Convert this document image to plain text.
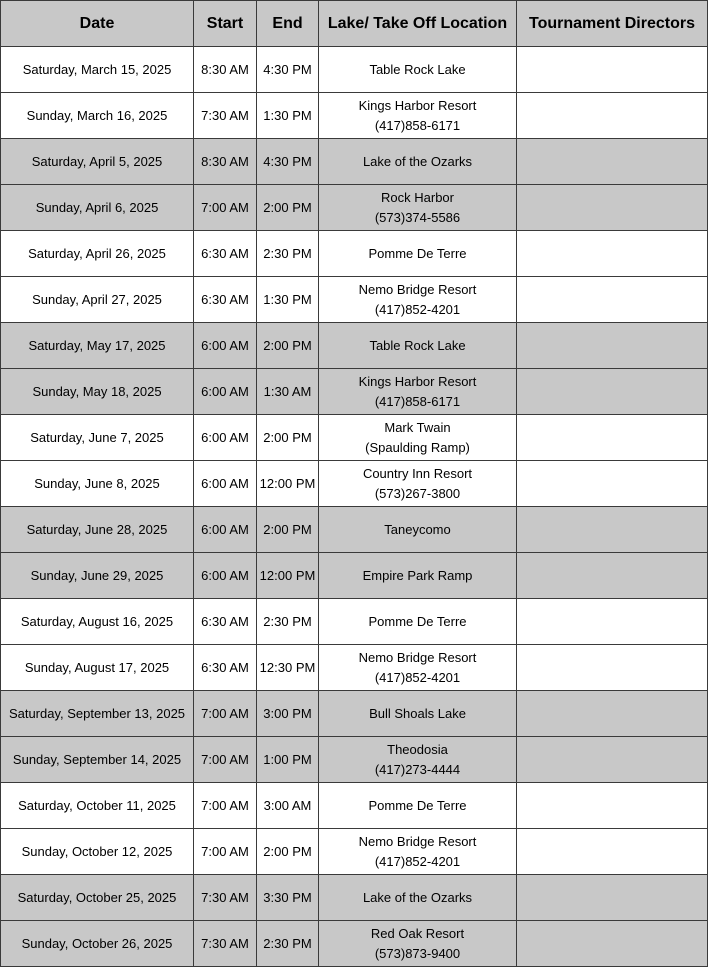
Date	Start	End	Lake/ Take Off Location	Tournament Directors
Saturday, March 15, 2025	8:30 AM	4:30 PM	Table Rock Lake	

Sunday, March 16, 2025	7:30 AM	1:30 PM	Kings Harbor Resort
(417)858-6171	

Saturday, April 5, 2025	8:30 AM	4:30 PM	Lake of the Ozarks	

Sunday, April 6, 2025	7:00 AM	2:00 PM	Rock Harbor
(573)374-5586	

Saturday, April 26, 2025	6:30 AM	2:30 PM	Pomme De Terre	

Sunday, April 27, 2025	6:30 AM	1:30 PM	Nemo Bridge Resort
(417)852-4201	

Saturday, May 17, 2025	6:00 AM	2:00 PM	Table Rock Lake	

Sunday, May 18, 2025	6:00 AM	1:30 AM	Kings Harbor Resort
(417)858-6171	

Saturday, June 7, 2025	6:00 AM	2:00 PM	Mark Twain
(Spaulding Ramp)	

Sunday, June 8, 2025	6:00 AM	12:00 PM	Country Inn Resort
(573)267-3800	

Saturday, June 28, 2025	6:00 AM	2:00 PM	Taneycomo	

Sunday, June 29, 2025	6:00 AM	12:00 PM	Empire Park Ramp	

Saturday, August 16, 2025	6:30 AM	2:30 PM	Pomme De Terre	

Sunday, August 17, 2025	6:30 AM	12:30 PM	Nemo Bridge Resort
(417)852-4201	

Saturday, September 13, 2025	7:00 AM	3:00 PM	Bull Shoals Lake	

Sunday, September 14, 2025	7:00 AM	1:00 PM	Theodosia
(417)273-4444	

Saturday, October 11, 2025	7:00 AM	3:00 AM	Pomme De Terre	

Sunday, October 12, 2025	7:00 AM	2:00 PM	Nemo Bridge Resort
(417)852-4201	

Saturday, October 25, 2025	7:30 AM	3:30 PM	Lake of the Ozarks	

Sunday, October 26, 2025	7:30 AM	2:30 PM	Red Oak Resort
(573)873-9400	
